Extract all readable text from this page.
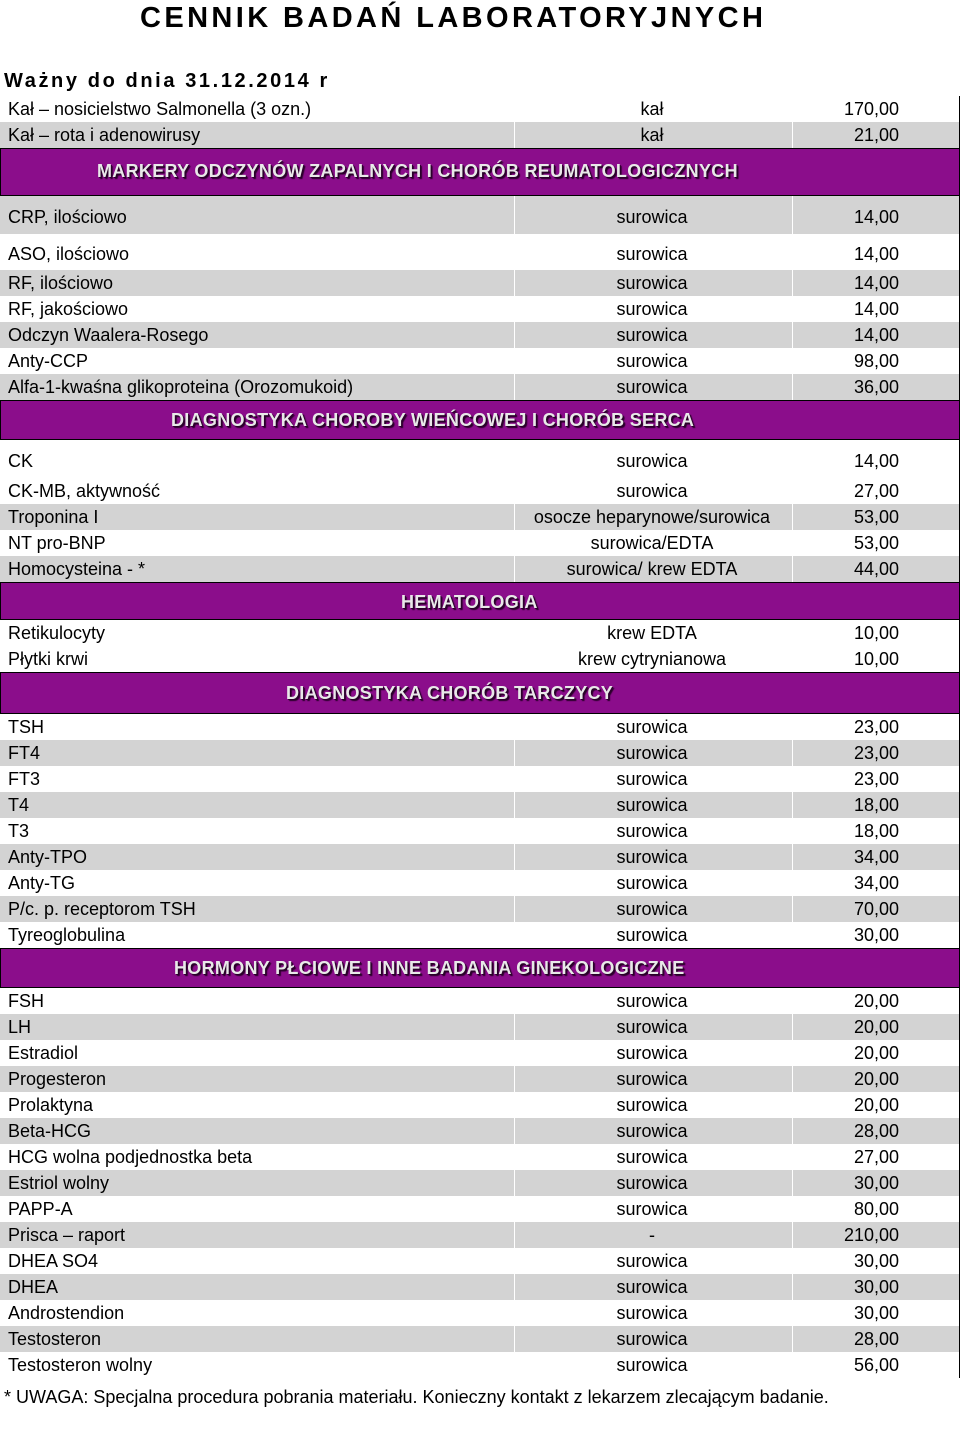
CENNIK BADAŃ LABORATORYJNYCH
Ważny do dnia 31.12.2014 r
Kał – nosicielstwo Salmonella (3 ozn.)	kał	170,00
Kał – rota i adenowirusy	kał	21,00
MARKERY ODCZYNÓW ZAPALNYCH I CHORÓB REUMATOLOGICZNYCH
CRP, ilościowo	surowica	14,00
ASO, ilościowo	surowica	14,00
RF, ilościowo	surowica	14,00
RF, jakościowo	surowica	14,00
Odczyn Waalera-Rosego	surowica	14,00
Anty-CCP	surowica	98,00
Alfa-1-kwaśna glikoproteina (Orozomukoid)	surowica	36,00
DIAGNOSTYKA CHOROBY WIEŃCOWEJ I CHORÓB SERCA
CK	surowica	14,00
CK-MB, aktywność	surowica	27,00
Troponina I	osocze heparynowe/surowica	53,00
NT pro-BNP	surowica/EDTA	53,00
Homocysteina - *	surowica/ krew EDTA	44,00
HEMATOLOGIA
Retikulocyty	krew EDTA	10,00
Płytki krwi	krew cytrynianowa	10,00
DIAGNOSTYKA CHORÓB TARCZYCY
TSH	surowica	23,00
FT4	surowica	23,00
FT3	surowica	23,00
T4	surowica	18,00
T3	surowica	18,00
Anty-TPO	surowica	34,00
Anty-TG	surowica	34,00
P/c. p. receptorom TSH	surowica	70,00
Tyreoglobulina	surowica	30,00
HORMONY PŁCIOWE I INNE BADANIA GINEKOLOGICZNE
FSH	surowica	20,00
LH	surowica	20,00
Estradiol	surowica	20,00
Progesteron	surowica	20,00
Prolaktyna	surowica	20,00
Beta-HCG	surowica	28,00
HCG wolna podjednostka beta	surowica	27,00
Estriol wolny	surowica	30,00
PAPP-A	surowica	80,00
Prisca – raport	-	210,00
DHEA SO4	surowica	30,00
DHEA	surowica	30,00
Androstendion	surowica	30,00
Testosteron	surowica	28,00
Testosteron wolny	surowica	56,00
* UWAGA: Specjalna procedura pobrania materiału. Konieczny kontakt z lekarzem zlecającym badanie.
